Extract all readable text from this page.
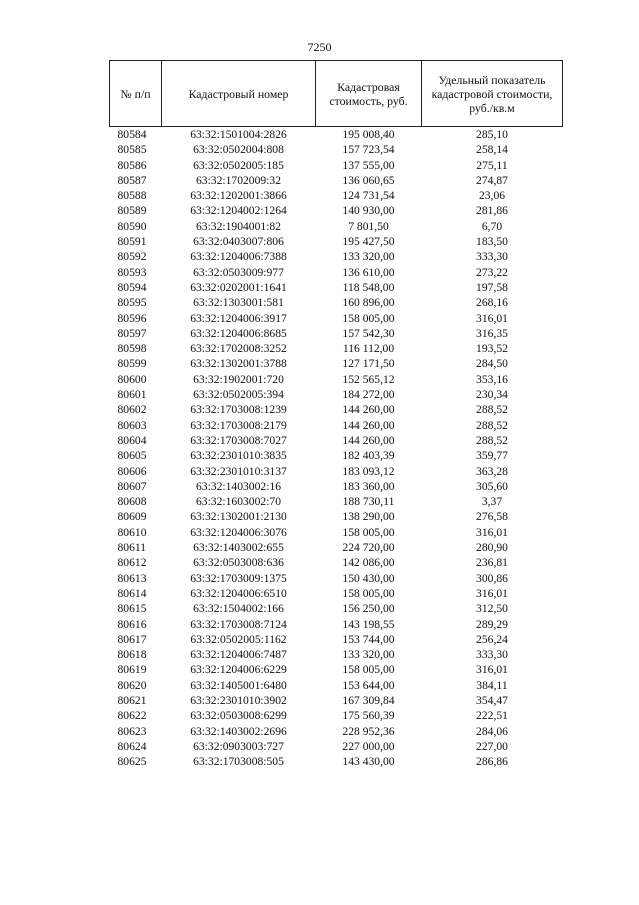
7250
№ п/п	Кадастровый номер	Кадастровая стоимость, руб.	Удельный показатель кадастровой стоимости, руб./кв.м
80584	63:32:1501004:2826	195 008,40	285,10
80585	63:32:0502004:808	157 723,54	258,14
80586	63:32:0502005:185	137 555,00	275,11
80587	63:32:1702009:32	136 060,65	274,87
80588	63:32:1202001:3866	124 731,54	23,06
80589	63:32:1204002:1264	140 930,00	281,86
80590	63:32:1904001:82	7 801,50	6,70
80591	63:32:0403007:806	195 427,50	183,50
80592	63:32:1204006:7388	133 320,00	333,30
80593	63:32:0503009:977	136 610,00	273,22
80594	63:32:0202001:1641	118 548,00	197,58
80595	63:32:1303001:581	160 896,00	268,16
80596	63:32:1204006:3917	158 005,00	316,01
80597	63:32:1204006:8685	157 542,30	316,35
80598	63:32:1702008:3252	116 112,00	193,52
80599	63:32:1302001:3788	127 171,50	284,50
80600	63:32:1902001:720	152 565,12	353,16
80601	63:32:0502005:394	184 272,00	230,34
80602	63:32:1703008:1239	144 260,00	288,52
80603	63:32:1703008:2179	144 260,00	288,52
80604	63:32:1703008:7027	144 260,00	288,52
80605	63:32:2301010:3835	182 403,39	359,77
80606	63:32:2301010:3137	183 093,12	363,28
80607	63:32:1403002:16	183 360,00	305,60
80608	63:32:1603002:70	188 730,11	3,37
80609	63:32:1302001:2130	138 290,00	276,58
80610	63:32:1204006:3076	158 005,00	316,01
80611	63:32:1403002:655	224 720,00	280,90
80612	63:32:0503008:636	142 086,00	236,81
80613	63:32:1703009:1375	150 430,00	300,86
80614	63:32:1204006:6510	158 005,00	316,01
80615	63:32:1504002:166	156 250,00	312,50
80616	63:32:1703008:7124	143 198,55	289,29
80617	63:32:0502005:1162	153 744,00	256,24
80618	63:32:1204006:7487	133 320,00	333,30
80619	63:32:1204006:6229	158 005,00	316,01
80620	63:32:1405001:6480	153 644,00	384,11
80621	63:32:2301010:3902	167 309,84	354,47
80622	63:32:0503008:6299	175 560,39	222,51
80623	63:32:1403002:2696	228 952,36	284,06
80624	63:32:0903003:727	227 000,00	227,00
80625	63:32:1703008:505	143 430,00	286,86
